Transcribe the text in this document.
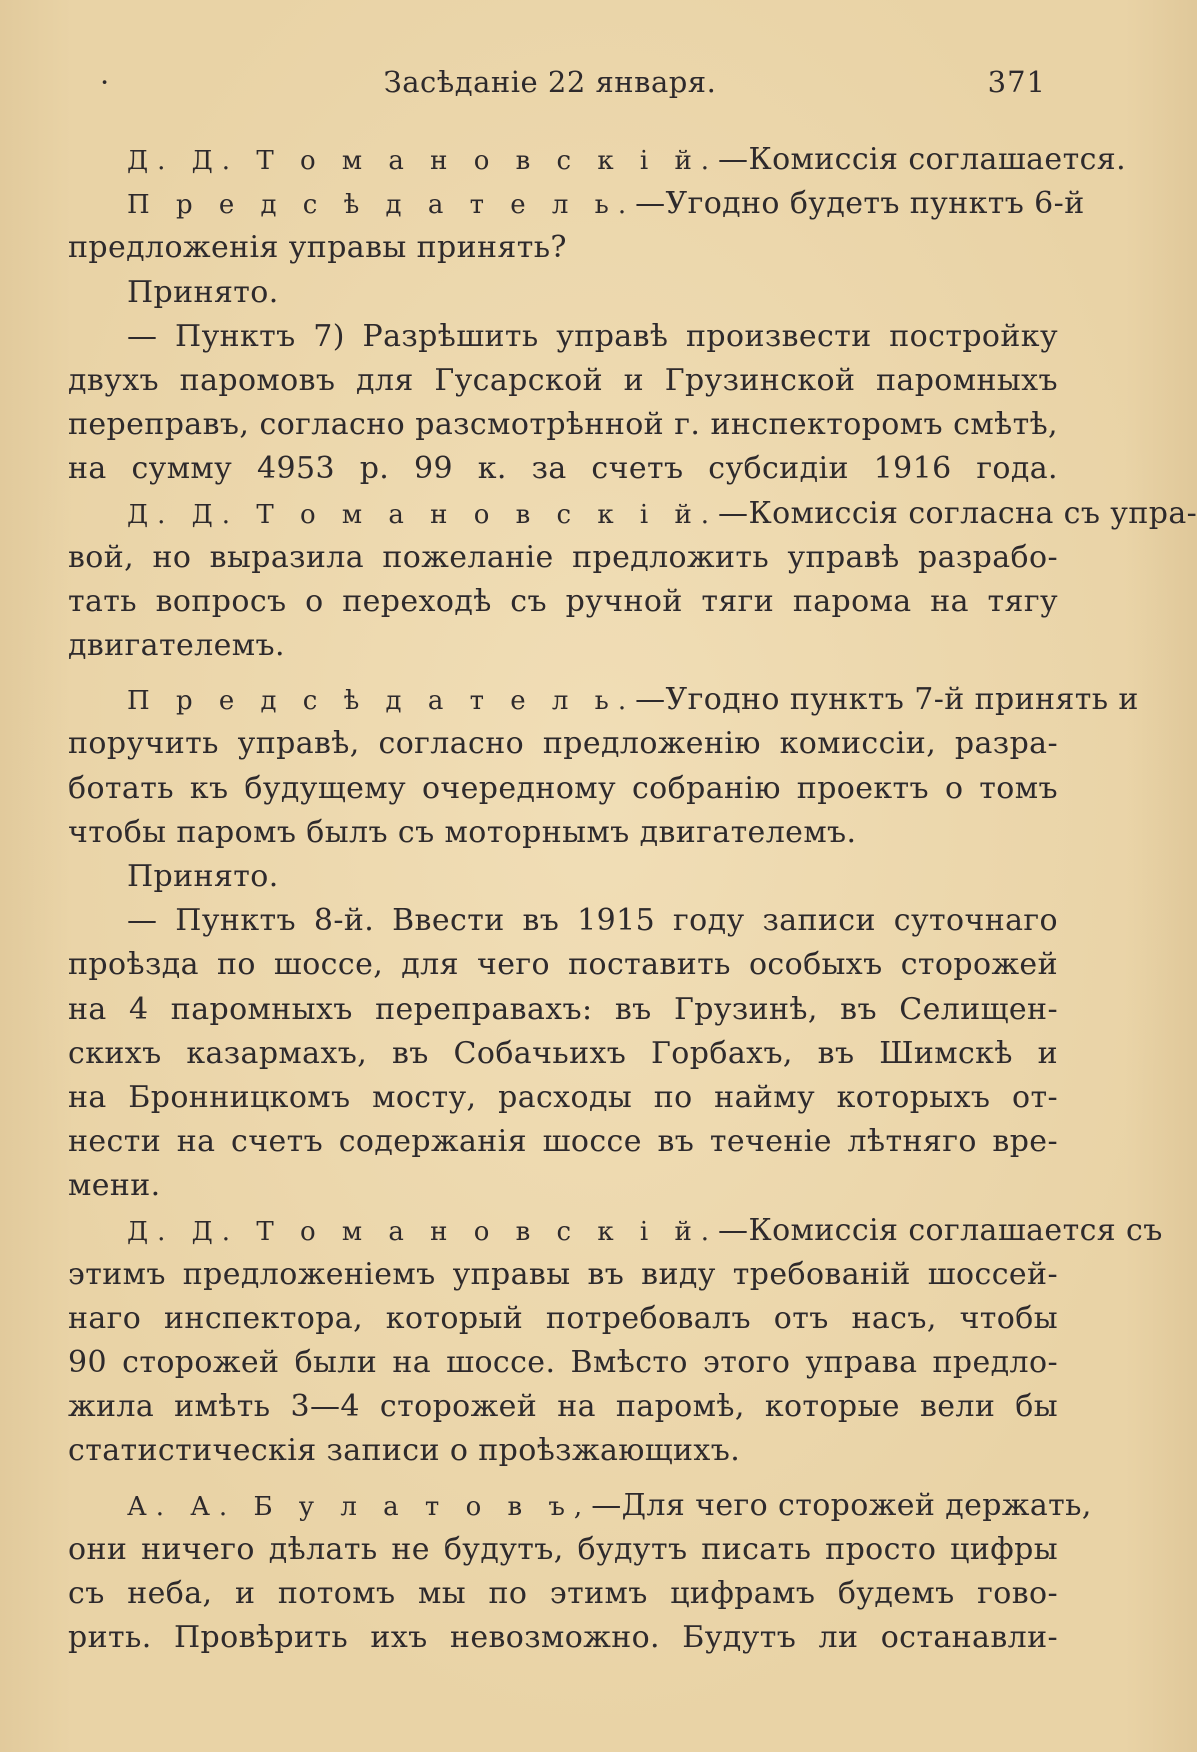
·	Засѣданіе 22 января.	371
Д. Д. Т о м а н о в с к і й.—Комиссія соглашается.
П р е д с ѣ д а т е л ь.—Угодно будетъ пунктъ 6-й
предложенія управы принять?
Принято.
— Пунктъ 7) Разрѣшить управѣ произвести постройку
двухъ паромовъ для Гусарской и Грузинской паромныхъ
переправъ, согласно разсмотрѣнной г. инспекторомъ смѣтѣ,
на сумму 4953 р. 99 к. за счетъ субсидіи 1916 года.
Д. Д. Т о м а н о в с к і й.—Комиссія согласна съ упра-
вой, но выразила пожеланіе предложить управѣ разрабо-
тать вопросъ о переходѣ съ ручной тяги парома на тягу
двигателемъ.
П р е д с ѣ д а т е л ь.—Угодно пунктъ 7-й принять и
поручить управѣ, согласно предложенію комиссіи, разра-
ботать къ будущему очередному собранію проектъ о томъ
чтобы паромъ былъ съ моторнымъ двигателемъ.
Принято.
— Пунктъ 8-й. Ввести въ 1915 году записи суточнаго
проѣзда по шоссе, для чего поставить особыхъ сторожей
на 4 паромныхъ переправахъ: въ Грузинѣ, въ Селищен-
скихъ казармахъ, въ Собачьихъ Горбахъ, въ Шимскѣ и
на Бронницкомъ мосту, расходы по найму которыхъ от-
нести на счетъ содержанія шоссе въ теченіе лѣтняго вре-
мени.
Д. Д. Т о м а н о в с к і й.—Комиссія соглашается съ
этимъ предложеніемъ управы въ виду требованій шоссей-
наго инспектора, который потребовалъ отъ насъ, чтобы
90 сторожей были на шоссе. Вмѣсто этого управа предло-
жила имѣть 3—4 сторожей на паромѣ, которые вели бы
статистическія записи о проѣзжающихъ.
А. А. Б у л а т о в ъ,—Для чего сторожей держать,
они ничего дѣлать не будутъ, будутъ писать просто цифры
съ неба, и потомъ мы по этимъ цифрамъ будемъ гово-
рить. Провѣрить ихъ невозможно. Будутъ ли останавли-
